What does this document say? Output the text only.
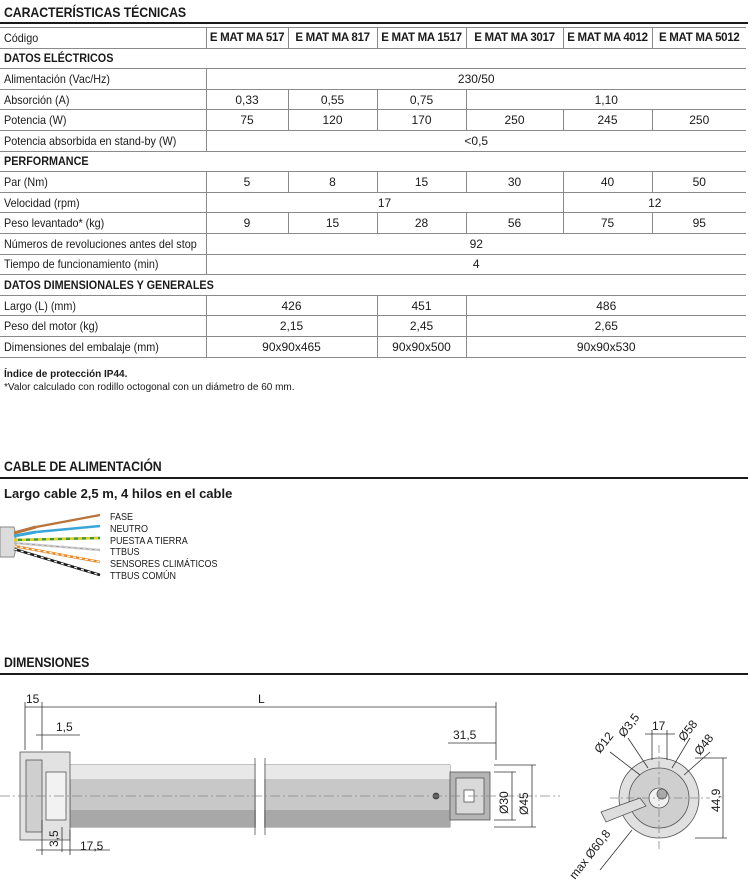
CARACTERÍSTICAS TÉCNICAS
Código	E MAT MA 517	E MAT MA 817	E MAT MA 1517	E MAT MA 3017	E MAT MA 4012	E MAT MA 5012
DATOS ELÉCTRICOS						
Alimentación (Vac/Hz)	230/50					
Absorción (A)	0,33	0,55	0,75	1,10		
Potencia (W)	75	120	170	250	245	250
Potencia absorbida en stand-by (W)	<0,5					
PERFORMANCE						
Par (Nm)	5	8	15	30	40	50
Velocidad (rpm)	17				12	
Peso levantado* (kg)	9	15	28	56	75	95
Números de revoluciones antes del stop	92					
Tiempo de funcionamiento (min)	4					
DATOS DIMENSIONALES Y GENERALES						
Largo (L) (mm)	426		451	486		
Peso del motor (kg)	2,15		2,45	2,65		
Dimensiones del embalaje (mm)	90x90x465		90x90x500	90x90x530		
Índice de protección IP44.
*Valor calculado con rodillo octogonal con un diámetro de 60 mm.
CABLE DE ALIMENTACIÓN
Largo cable 2,5 m, 4 hilos en el cable
FASE
NEUTRO
PUESTA A TIERRA
TTBUS
SENSORES CLIMÁTICOS
TTBUS COMÚN
DIMENSIONES
15	L
1,5
31,5
Ø30 Ø45
3,5 17,5
17
Ø3,5
Ø12	Ø58
Ø48
44,9
max Ø60,8
